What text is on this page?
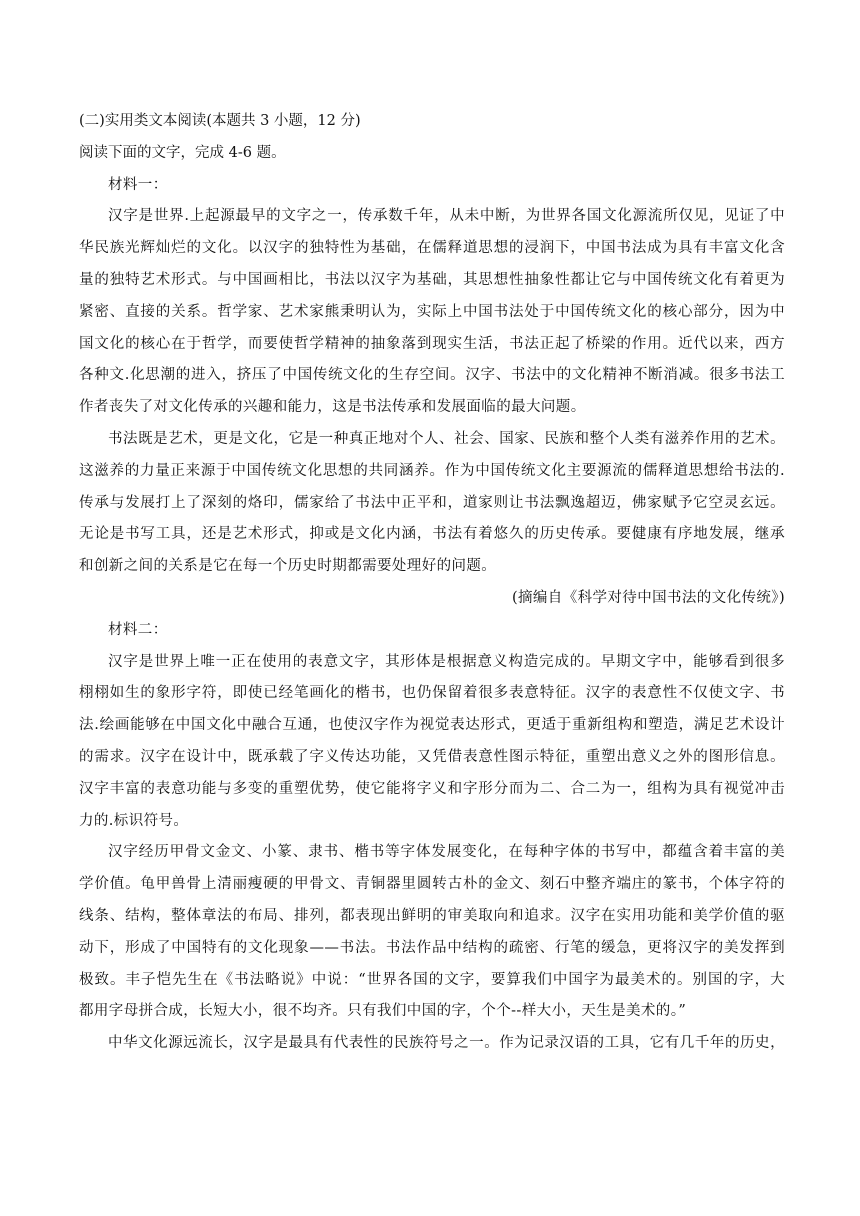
(二)实用类文本阅读(本题共 3 小题，12 分)
阅读下面的文字，完成 4-6 题。
材料一：
汉字是世界.上起源最早的文字之一，传承数千年，从未中断，为世界各国文化源流所仅见，见证了中
华民族光辉灿烂的文化。以汉字的独特性为基础，在儒释道思想的浸润下，中国书法成为具有丰富文化含
量的独特艺术形式。与中国画相比，书法以汉字为基础，其思想性抽象性都让它与中国传统文化有着更为
紧密、直接的关系。哲学家、艺术家熊秉明认为，实际上中国书法处于中国传统文化的核心部分，因为中
国文化的核心在于哲学，而要使哲学精神的抽象落到现实生活，书法正起了桥梁的作用。近代以来，西方
各种文.化思潮的进入，挤压了中国传统文化的生存空间。汉字、书法中的文化精神不断消减。很多书法工
作者丧失了对文化传承的兴趣和能力，这是书法传承和发展面临的最大问题。
书法既是艺术，更是文化，它是一种真正地对个人、社会、国家、民族和整个人类有滋养作用的艺术。
这滋养的力量正来源于中国传统文化思想的共同涵养。作为中国传统文化主要源流的儒释道思想给书法的.
传承与发展打上了深刻的烙印，儒家给了书法中正平和，道家则让书法飘逸超迈，佛家赋予它空灵玄远。
无论是书写工具，还是艺术形式，抑或是文化内涵，书法有着悠久的历史传承。要健康有序地发展，继承
和创新之间的关系是它在每一个历史时期都需要处理好的问题。
(摘编自《科学对待中国书法的文化传统》)
材料二：
汉字是世界上唯一正在使用的表意文字，其形体是根据意义构造完成的。早期文字中，能够看到很多
栩栩如生的象形字符，即使已经笔画化的楷书，也仍保留着很多表意特征。汉字的表意性不仅使文字、书
法.绘画能够在中国文化中融合互通，也使汉字作为视觉表达形式，更适于重新组构和塑造，满足艺术设计
的需求。汉字在设计中，既承载了字义传达功能，又凭借表意性图示特征，重塑出意义之外的图形信息。
汉字丰富的表意功能与多变的重塑优势，使它能将字义和字形分而为二、合二为一，组构为具有视觉冲击
力的.标识符号。
汉字经历甲骨文金文、小篆、隶书、楷书等字体发展变化，在每种字体的书写中，都蕴含着丰富的美
学价值。龟甲兽骨上清丽瘦硬的甲骨文、青铜器里圆转古朴的金文、刻石中整齐端庄的篆书，个体字符的
线条、结构，整体章法的布局、排列，都表现出鲜明的审美取向和追求。汉字在实用功能和美学价值的驱
动下，形成了中国特有的文化现象——书法。书法作品中结构的疏密、行笔的缓急，更将汉字的美发挥到
极致。丰子恺先生在《书法略说》中说：“世界各国的文字，要算我们中国字为最美术的。别国的字，大
都用字母拼合成，长短大小，很不均齐。只有我们中国的字，个个--样大小，天生是美术的。”
中华文化源远流长，汉字是最具有代表性的民族符号之一。作为记录汉语的工具，它有几千年的历史，
